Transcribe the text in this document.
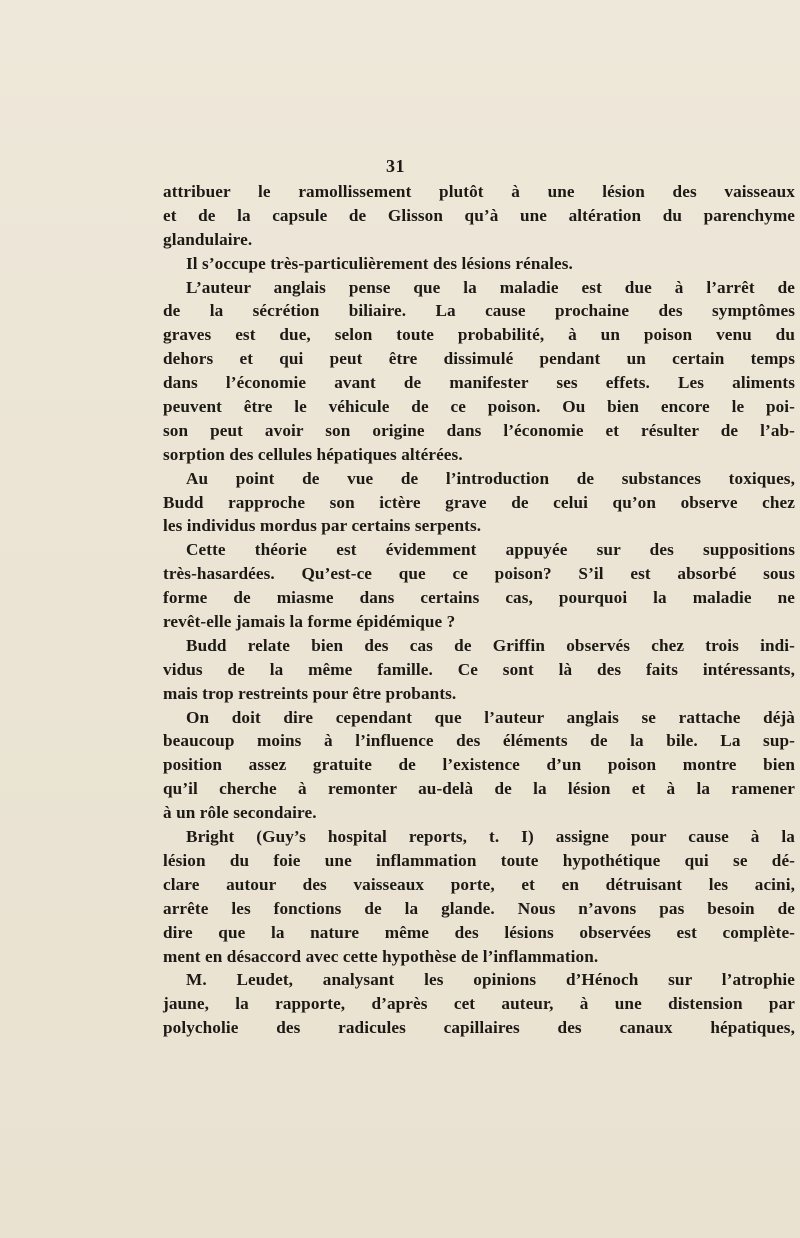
31
attribuer le ramollissement plutôt à une lésion des vaisseaux
et de la capsule de Glisson qu’à une altération du parenchyme
glandulaire.
Il s’occupe très-particulièrement des lésions rénales.
L’auteur anglais pense que la maladie est due à l’arrêt de
de la sécrétion biliaire. La cause prochaine des symptômes
graves est due, selon toute probabilité, à un poison venu du
dehors et qui peut être dissimulé pendant un certain temps
dans l’économie avant de manifester ses effets. Les aliments
peuvent être le véhicule de ce poison. Ou bien encore le poi-
son peut avoir son origine dans l’économie et résulter de l’ab-
sorption des cellules hépatiques altérées.
Au point de vue de l’introduction de substances toxiques,
Budd rapproche son ictère grave de celui qu’on observe chez
les individus mordus par certains serpents.
Cette théorie est évidemment appuyée sur des suppositions
très-hasardées. Qu’est-ce que ce poison? S’il est absorbé sous
forme de miasme dans certains cas, pourquoi la maladie ne
revêt-elle jamais la forme épidémique ?
Budd relate bien des cas de Griffin observés chez trois indi-
vidus de la même famille. Ce sont là des faits intéressants,
mais trop restreints pour être probants.
On doit dire cependant que l’auteur anglais se rattache déjà
beaucoup moins à l’influence des éléments de la bile. La sup-
position assez gratuite de l’existence d’un poison montre bien
qu’il cherche à remonter au-delà de la lésion et à la ramener
à un rôle secondaire.
Bright (Guy’s hospital reports, t. I) assigne pour cause à la
lésion du foie une inflammation toute hypothétique qui se dé-
clare autour des vaisseaux porte, et en détruisant les acini,
arrête les fonctions de la glande. Nous n’avons pas besoin de
dire que la nature même des lésions observées est complète-
ment en désaccord avec cette hypothèse de l’inflammation.
M. Leudet, analysant les opinions d’Hénoch sur l’atrophie
jaune, la rapporte, d’après cet auteur, à une distension par
polycholie des radicules capillaires des canaux hépatiques,
